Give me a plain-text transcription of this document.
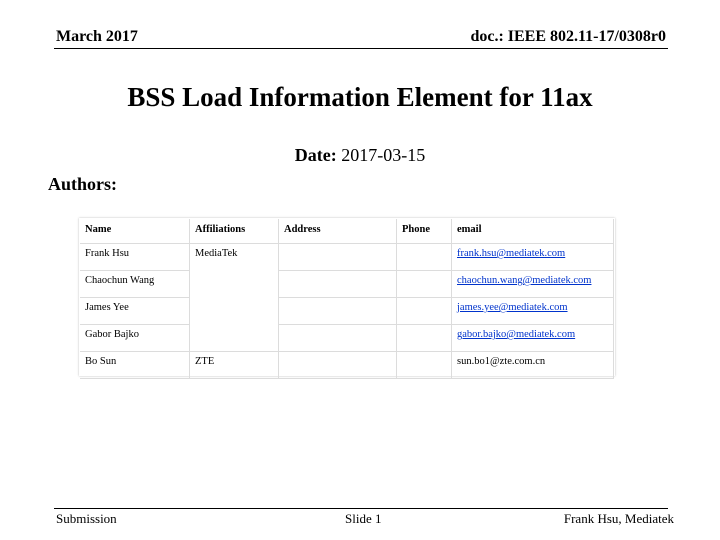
March 2017	doc.: IEEE 802.11-17/0308r0
BSS Load Information Element for 11ax
Date: 2017-03-15
Authors:
Name	Affiliations	Address	Phone	email
Frank Hsu	MediaTek			frank.hsu@mediatek.com
Chaochun Wang				chaochun.wang@mediatek.com
James Yee				james.yee@mediatek.com
Gabor Bajko				gabor.bajko@mediatek.com
Bo Sun	ZTE			sun.bo1@zte.com.cn
Submission	Slide 1	Frank Hsu, Mediatek
